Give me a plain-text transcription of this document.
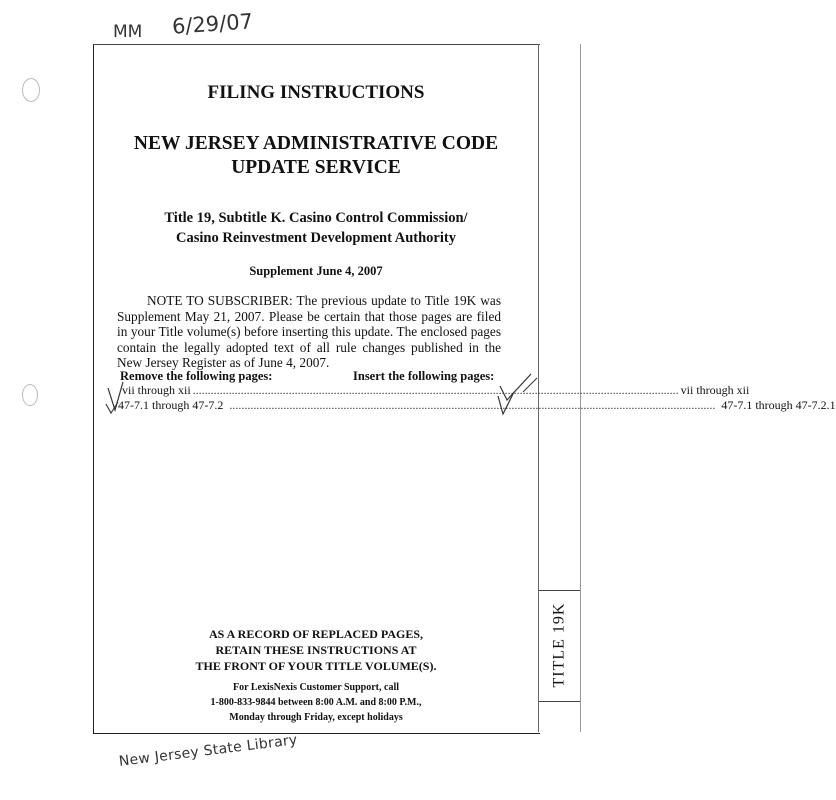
MM 6/29/07
TITLE 19K
FILING INSTRUCTIONS
NEW JERSEY ADMINISTRATIVE CODE
UPDATE SERVICE
Title 19, Subtitle K. Casino Control Commission/
Casino Reinvestment Development Authority
Supplement June 4, 2007
NOTE TO SUBSCRIBER: The previous update to Title 19K was Supplement May 21, 2007. Please be certain that those pages are filed in your Title volume(s) before inserting this update. The enclosed pages contain the legally adopted text of all rule changes published in the New Jersey Register as of June 4, 2007.
Remove the following pages:	Insert the following pages:
vii through xii .................................................................................................................................................................. vii through xii
47-7.1 through 47-7.2 .................................................................................................................................................................. 47-7.1 through 47-7.2.1
AS A RECORD OF REPLACED PAGES,
RETAIN THESE INSTRUCTIONS AT
THE FRONT OF YOUR TITLE VOLUME(S).
For LexisNexis Customer Support, call
1-800-833-9844 between 8:00 A.M. and 8:00 P.M.,
Monday through Friday, except holidays
New Jersey State Library
